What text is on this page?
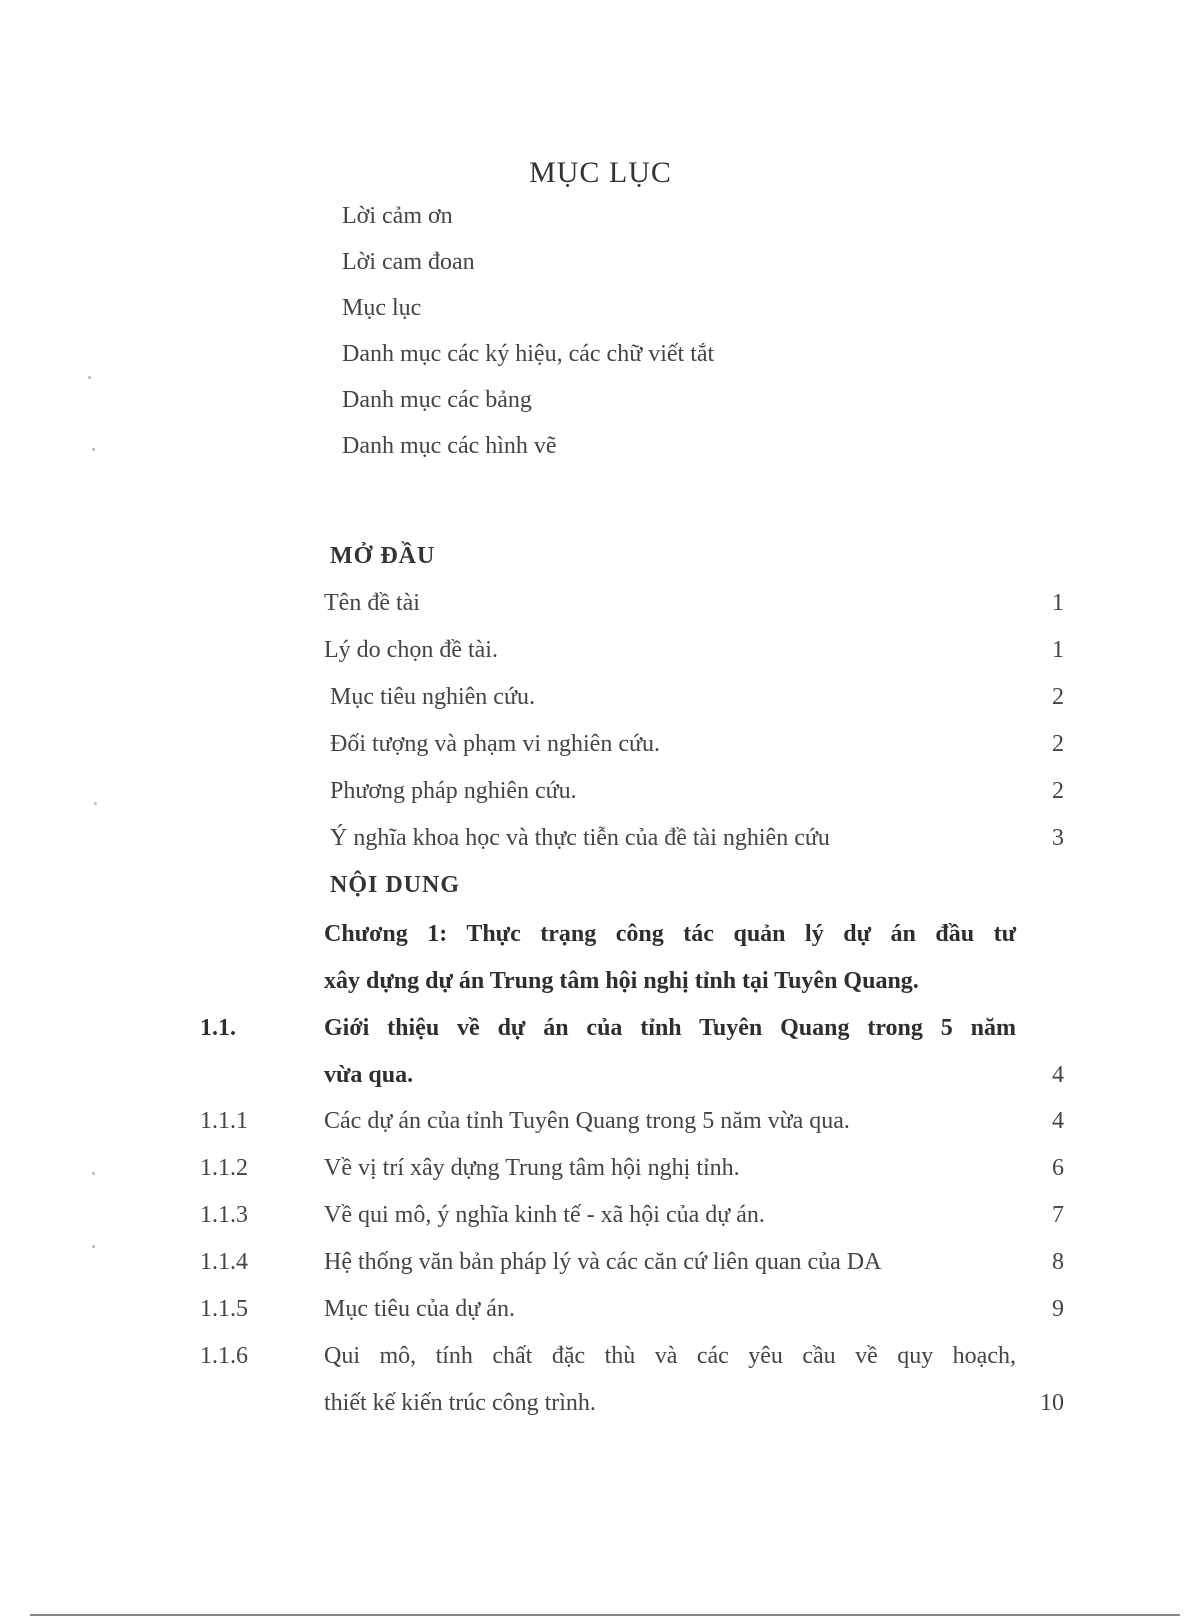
MỤC LỤC
Lời cảm ơn
Lời cam đoan
Mục lục
Danh mục các ký hiệu, các chữ viết tắt
Danh mục các bảng
Danh mục các hình vẽ
MỞ ĐẦU
Tên đề tài	1
Lý do chọn đề tài.	1
Mục tiêu nghiên cứu.	2
Đối tượng và phạm vi nghiên cứu.	2
Phương pháp nghiên cứu.	2
Ý nghĩa khoa học và thực tiễn của đề tài nghiên cứu	3
NỘI DUNG
Chương 1: Thực trạng công tác quản lý dự án đầu tư
xây dựng dự án Trung tâm hội nghị tỉnh tại Tuyên Quang.
1.1.	Giới thiệu về dự án của tỉnh Tuyên Quang trong 5 năm
vừa qua.	4
1.1.1	Các dự án của tỉnh Tuyên Quang trong 5 năm vừa qua.	4
1.1.2	Về vị trí xây dựng Trung tâm hội nghị tỉnh.	6
1.1.3	Về qui mô, ý nghĩa kinh tế - xã hội của dự án.	7
1.1.4	Hệ thống văn bản pháp lý và các căn cứ liên quan của DA	8
1.1.5	Mục tiêu của dự án.	9
1.1.6	Qui mô, tính chất đặc thù và các yêu cầu về quy hoạch,
thiết kế kiến trúc công trình.	10
